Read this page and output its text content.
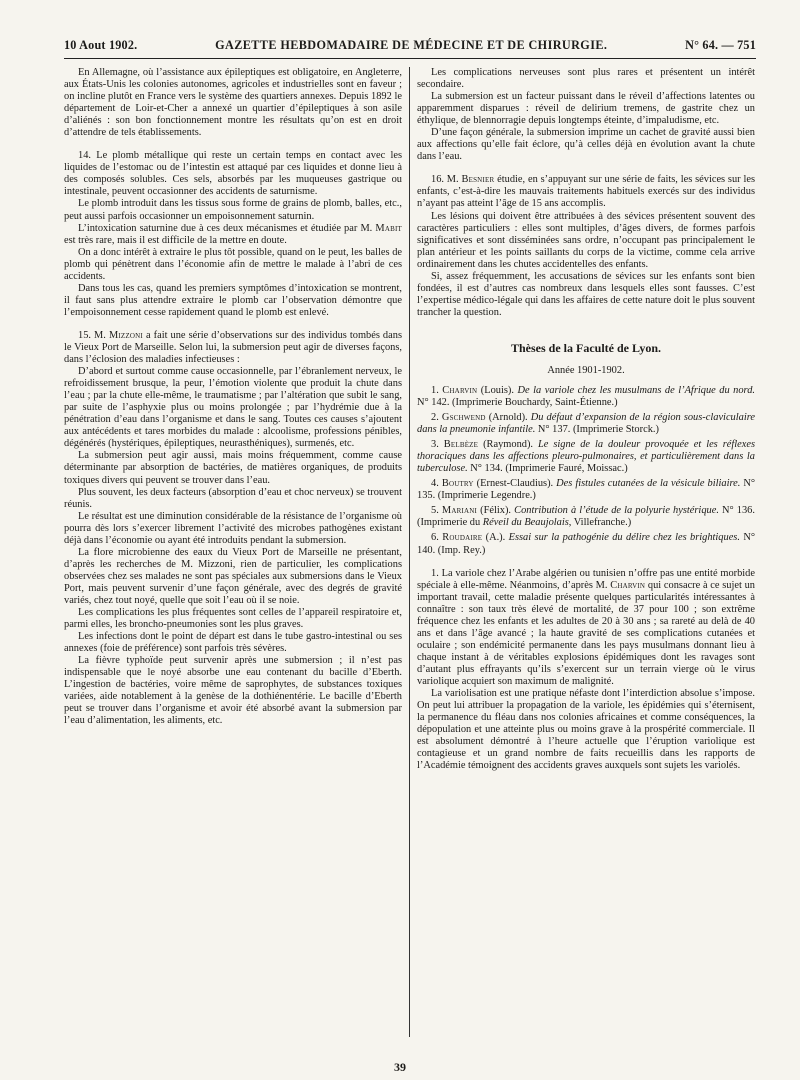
10 Aout 1902.	GAZETTE HEBDOMADAIRE DE MÉDECINE ET DE CHIRURGIE.	N° 64. — 751

En Allemagne, où l’assistance aux épileptiques est obligatoire, en Angleterre, aux États-Unis les colonies autonomes, agricoles et industrielles sont en faveur ; on incline plutôt en France vers le système des quartiers annexes. Depuis 1892 le département de Loir-et-Cher a annexé un quartier d’épileptiques à son asile d’aliénés : son bon fonctionnement montre les résultats qu’on est en droit d’attendre de tels établissements.

14. Le plomb métallique qui reste un certain temps en contact avec les liquides de l’estomac ou de l’intestin est attaqué par ces liquides et donne lieu à des composés solubles. Ces sels, absorbés par les muqueuses gastrique ou intestinale, peuvent occasionner des accidents de saturnisme.

Le plomb introduit dans les tissus sous forme de grains de plomb, balles, etc., peut aussi parfois occasionner un empoisonnement saturnin.

L’intoxication saturnine due à ces deux mécanismes et étudiée par M. Mabit est très rare, mais il est difficile de la mettre en doute.

On a donc intérêt à extraire le plus tôt possible, quand on le peut, les balles de plomb qui pénètrent dans l’économie afin de mettre le malade à l’abri de ces accidents.

Dans tous les cas, quand les premiers symptômes d’intoxication se montrent, il faut sans plus attendre extraire le plomb car l’observation démontre que l’empoisonnement cesse rapidement quand le plomb est enlevé.

15. M. Mizzoni a fait une série d’observations sur des individus tombés dans le Vieux Port de Marseille. Selon lui, la submersion peut agir de diverses façons, dans l’éclosion des maladies infectieuses :

D’abord et surtout comme cause occasionnelle, par l’ébranlement nerveux, le refroidissement brusque, la peur, l’émotion violente que produit la chute dans l’eau ; par la chute elle-même, le traumatisme ; par l’altération que subit le sang, par suite de l’asphyxie plus ou moins prolongée ; par l’hydrémie due à la pénétration d’eau dans l’organisme et dans le sang. Toutes ces causes s’ajoutent aux antécédents et tares morbides du malade : alcoolisme, professions pénibles, dégénérés (hystériques, épileptiques, neurasthéniques), surmenés, etc.

La submersion peut agir aussi, mais moins fréquemment, comme cause déterminante par absorption de bactéries, de matières organiques, de produits toxiques divers qui peuvent se trouver dans l’eau.

Plus souvent, les deux facteurs (absorption d’eau et choc nerveux) se trouvent réunis.

Le résultat est une diminution considérable de la résistance de l’organisme où pourra dès lors s’exercer librement l’activité des microbes pathogènes existant déjà dans l’économie ou ayant été introduits pendant la submersion.

La flore microbienne des eaux du Vieux Port de Marseille ne présentant, d’après les recherches de M. Mizzoni, rien de particulier, les complications observées chez ses malades ne sont pas spéciales aux submersions dans le Vieux Port, mais peuvent survenir d’une façon générale, avec des degrés de gravité variés, chez tout noyé, quelle que soit l’eau où il se noie.

Les complications les plus fréquentes sont celles de l’appareil respiratoire et, parmi elles, les broncho-pneumonies sont les plus graves.

Les infections dont le point de départ est dans le tube gastro-intestinal ou ses annexes (foie de préférence) sont parfois très sévères.

La fièvre typhoïde peut survenir après une submersion ; il n’est pas indispensable que le noyé absorbe une eau contenant du bacille d’Eberth. L’ingestion de bactéries, voire même de saprophytes, de substances toxiques variées, aide notablement à la genèse de la dothiénentérie. Le bacille d’Eberth peut se trouver dans l’organisme et avoir été absorbé avant la submersion par l’eau d’alimentation, les aliments, etc.

Les complications nerveuses sont plus rares et présentent un intérêt secondaire.

La submersion est un facteur puissant dans le réveil d’affections latentes ou apparemment disparues : réveil de delirium tremens, de gastrite chez un éthylique, de blennorragie depuis longtemps éteinte, d’impaludisme, etc.

D’une façon générale, la submersion imprime un cachet de gravité aussi bien aux affections qu’elle fait éclore, qu’à celles déjà en évolution avant la chute dans l’eau.

16. M. Besnier étudie, en s’appuyant sur une série de faits, les sévices sur les enfants, c’est-à-dire les mauvais traitements habituels exercés sur des individus n’ayant pas atteint l’âge de 15 ans accomplis.

Les lésions qui doivent être attribuées à des sévices présentent souvent des caractères particuliers : elles sont multiples, d’âges divers, de formes parfois significatives et sont disséminées sans ordre, n’occupant pas principalement le plan antérieur et les points saillants du corps de la victime, comme cela arrive ordinairement dans les chutes accidentelles des enfants.

Si, assez fréquemment, les accusations de sévices sur les enfants sont bien fondées, il est d’autres cas nombreux dans lesquels elles sont fausses. C’est l’expertise médico-légale qui dans les affaires de cette nature doit le plus souvent trancher la question.

Thèses de la Faculté de Lyon.
Année 1901-1902.

1. Charvin (Louis). De la variole chez les musulmans de l’Afrique du nord. N° 142. (Imprimerie Bouchardy, Saint-Étienne.)

2. Gschwend (Arnold). Du défaut d’expansion de la région sous-claviculaire dans la pneumonie infantile. N° 137. (Imprimerie Storck.)

3. Belbèze (Raymond). Le signe de la douleur provoquée et les réflexes thoraciques dans les affections pleuro-pulmonaires, et particulièrement dans la tuberculose. N° 134. (Imprimerie Fauré, Moissac.)

4. Boutry (Ernest-Claudius). Des fistules cutanées de la vésicule biliaire. N° 135. (Imprimerie Legendre.)

5. Mariani (Félix). Contribution à l’étude de la polyurie hystérique. N° 136. (Imprimerie du Réveil du Beaujolais, Villefranche.)

6. Roudaire (A.). Essai sur la pathogénie du délire chez les brightiques. N° 140. (Imp. Rey.)

1. La variole chez l’Arabe algérien ou tunisien n’offre pas une entité morbide spéciale à elle-même. Néanmoins, d’après M. Charvin qui consacre à ce sujet un important travail, cette maladie présente quelques particularités intéressantes à connaître : son taux très élevé de mortalité, de 37 pour 100 ; son extrême fréquence chez les enfants et les adultes de 20 à 30 ans ; sa rareté au delà de 40 ans et dans l’âge avancé ; la haute gravité de ses complications cutanées et oculaire ; son endémicité permanente dans les pays musulmans donnant lieu à chaque instant à de véritables explosions épidémiques dont les ravages sont d’autant plus effrayants qu’ils s’exercent sur un terrain vierge où le virus variolique acquiert son maximum de malignité.

La variolisation est une pratique néfaste dont l’interdiction absolue s’impose. On peut lui attribuer la propagation de la variole, les épidémies qui s’éternisent, la permanence du fléau dans nos colonies africaines et comme conséquences, la dépopulation et une atteinte plus ou moins grave à la prospérité commerciale. Il est absolument démontré à l’heure actuelle que l’éruption variolique est contagieuse et un grand nombre de faits recueillis dans les rapports de l’Académie témoignent des accidents graves auxquels sont sujets les variolés.

39
